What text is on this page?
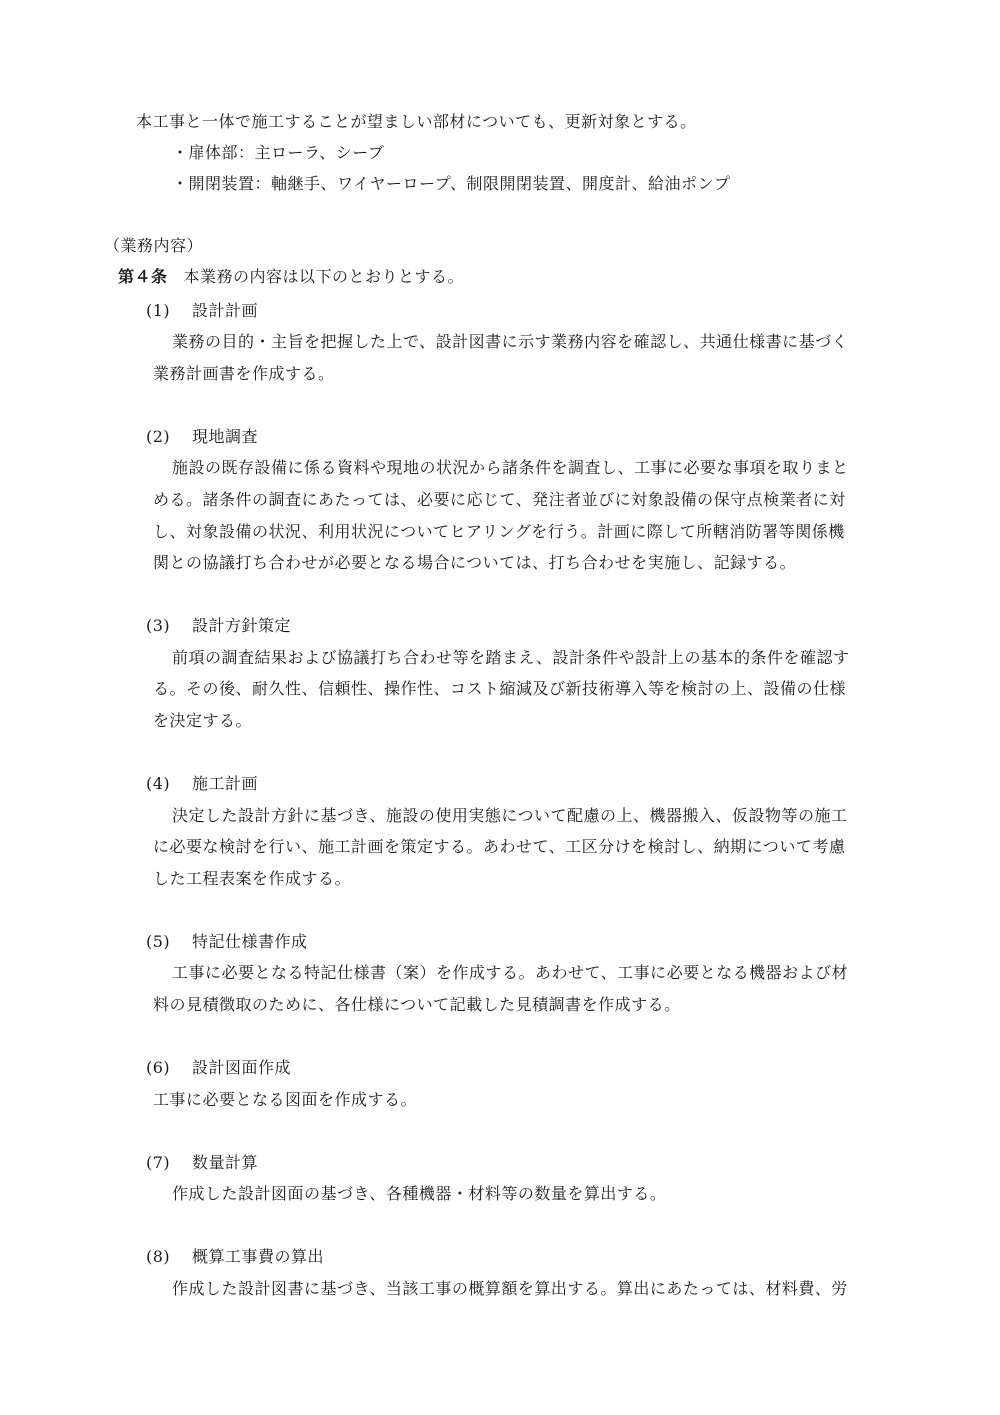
本工事と一体で施工することが望ましい部材についても、更新対象とする。
・扉体部：主ローラ、シーブ
・開閉装置：軸継手、ワイヤーロープ、制限開閉装置、開度計、給油ポンプ
（業務内容）
第４条 本業務の内容は以下のとおりとする。
(1) 設計計画
業務の目的・主旨を把握した上で、設計図書に示す業務内容を確認し、共通仕様書に基づく
業務計画書を作成する。
(2) 現地調査
施設の既存設備に係る資料や現地の状況から諸条件を調査し、工事に必要な事項を取りまと
める。諸条件の調査にあたっては、必要に応じて、発注者並びに対象設備の保守点検業者に対
し、対象設備の状況、利用状況についてヒアリングを行う。計画に際して所轄消防署等関係機
関との協議打ち合わせが必要となる場合については、打ち合わせを実施し、記録する。
(3) 設計方針策定
前項の調査結果および協議打ち合わせ等を踏まえ、設計条件や設計上の基本的条件を確認す
る。その後、耐久性、信頼性、操作性、コスト縮減及び新技術導入等を検討の上、設備の仕様
を決定する。
(4) 施工計画
決定した設計方針に基づき、施設の使用実態について配慮の上、機器搬入、仮設物等の施工
に必要な検討を行い、施工計画を策定する。あわせて、工区分けを検討し、納期について考慮
した工程表案を作成する。
(5) 特記仕様書作成
工事に必要となる特記仕様書（案）を作成する。あわせて、工事に必要となる機器および材
料の見積徴取のために、各仕様について記載した見積調書を作成する。
(6) 設計図面作成
工事に必要となる図面を作成する。
(7) 数量計算
作成した設計図面の基づき、各種機器・材料等の数量を算出する。
(8) 概算工事費の算出
作成した設計図書に基づき、当該工事の概算額を算出する。算出にあたっては、材料費、労
